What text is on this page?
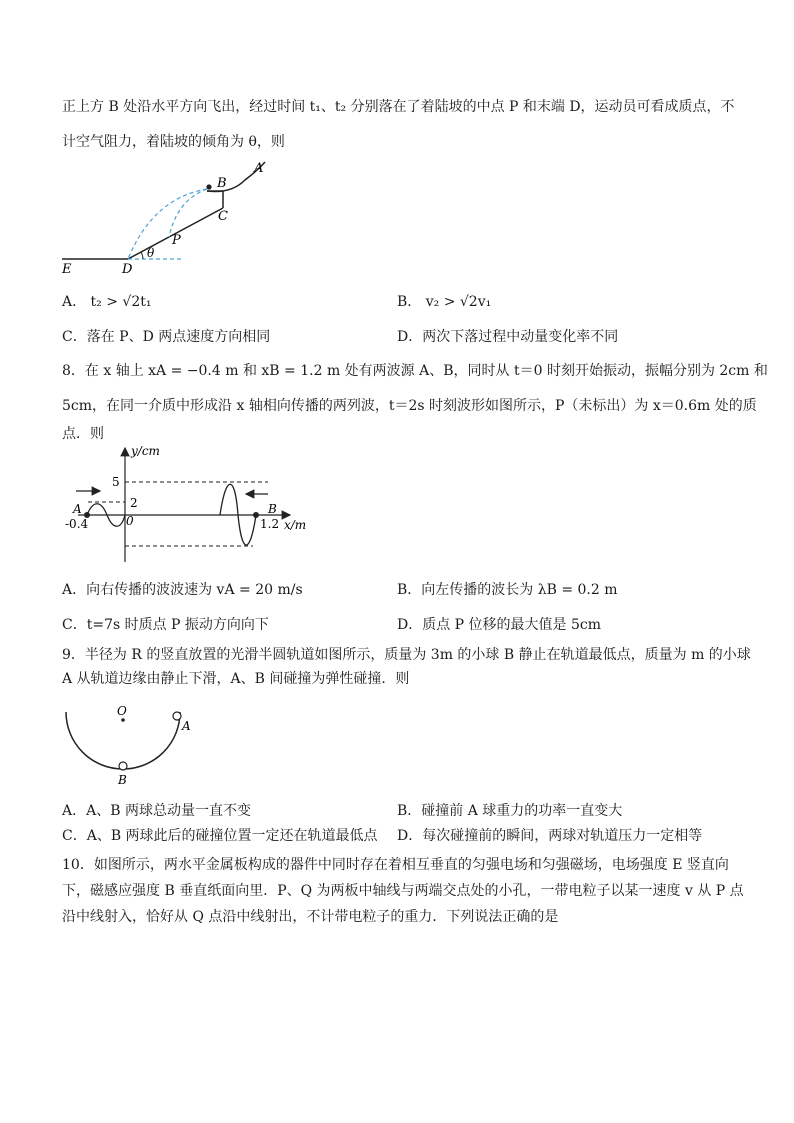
正上方 B 处沿水平方向飞出，经过时间 t₁、t₂ 分别落在了着陆坡的中点 P 和末端 D，运动员可看成质点，不
计空气阻力，着陆坡的倾角为 θ，则
E	D
θ
P
C
B
A
A． t₂ > √2t₁	B． v₂ > √2v₁
C．落在 P、D 两点速度方向相同	D．两次下落过程中动量变化率不同
8．在 x 轴上 xA = −0.4 m 和 xB = 1.2 m 处有两波源 A、B，同时从 t＝0 时刻开始振动，振幅分别为 2cm 和
5cm，在同一介质中形成沿 x 轴相向传播的两列波，t＝2s 时刻波形如图所示，P（未标出）为 x＝0.6m 处的质
点．则
y/cm
x/m
5
2
0
-0.4	1.2
A	B
A．向右传播的波波速为 vA = 20 m/s	B．向左传播的波长为 λB = 0.2 m
C．t=7s 时质点 P 振动方向向下	D．质点 P 位移的最大值是 5cm
9．半径为 R 的竖直放置的光滑半圆轨道如图所示，质量为 3m 的小球 B 静止在轨道最低点，质量为 m 的小球
A 从轨道边缘由静止下滑，A、B 间碰撞为弹性碰撞．则
O
A
B
A．A、B 两球总动量一直不变	B．碰撞前 A 球重力的功率一直变大
C．A、B 两球此后的碰撞位置一定还在轨道最低点 D．每次碰撞前的瞬间，两球对轨道压力一定相等
10．如图所示，两水平金属板构成的器件中同时存在着相互垂直的匀强电场和匀强磁场，电场强度 E 竖直向
下，磁感应强度 B 垂直纸面向里．P、Q 为两板中轴线与两端交点处的小孔，一带电粒子以某一速度 v 从 P 点
沿中线射入，恰好从 Q 点沿中线射出，不计带电粒子的重力．下列说法正确的是
